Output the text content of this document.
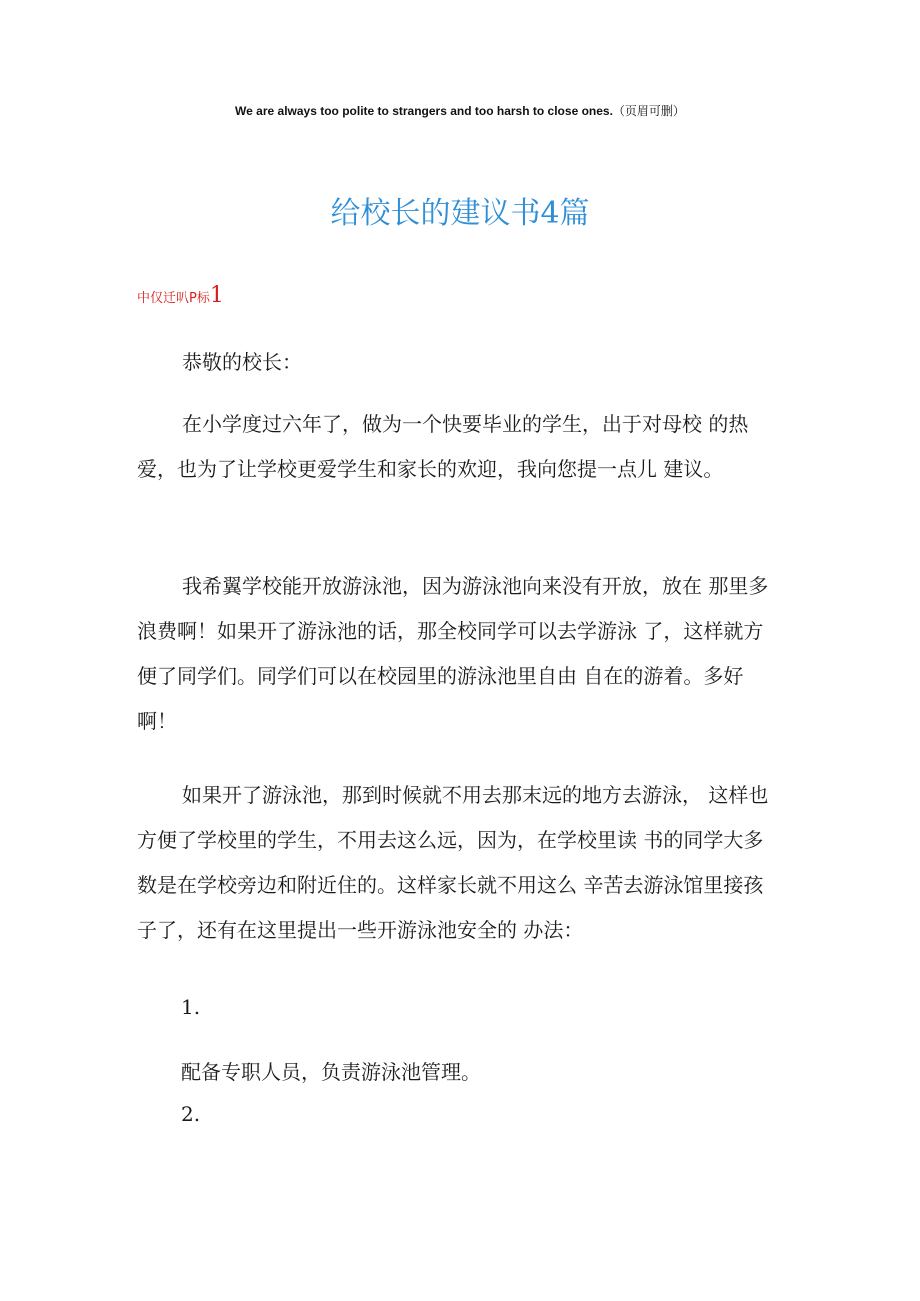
We are always too polite to strangers and too harsh to close ones.（页眉可删）
给校长的建议书4篇
中仅迁叭P标1

恭敬的校长：

在小学度过六年了，做为一个快要毕业的学生，出于对母校 的热爱，也为了让学校更爱学生和家长的欢迎，我向您提一点儿 建议。

我希翼学校能开放游泳池，因为游泳池向来没有开放，放在 那里多浪费啊！如果开了游泳池的话，那全校同学可以去学游泳 了，这样就方便了同学们。同学们可以在校园里的游泳池里自由 自在的游着。多好啊！

如果开了游泳池，那到时候就不用去那末远的地方去游泳， 这样也方便了学校里的学生，不用去这么远，因为，在学校里读 书的同学大多数是在学校旁边和附近住的。这样家长就不用这么 辛苦去游泳馆里接孩子了，还有在这里提出一些开游泳池安全的 办法：

1.
配备专职人员，负责游泳池管理。
2.
